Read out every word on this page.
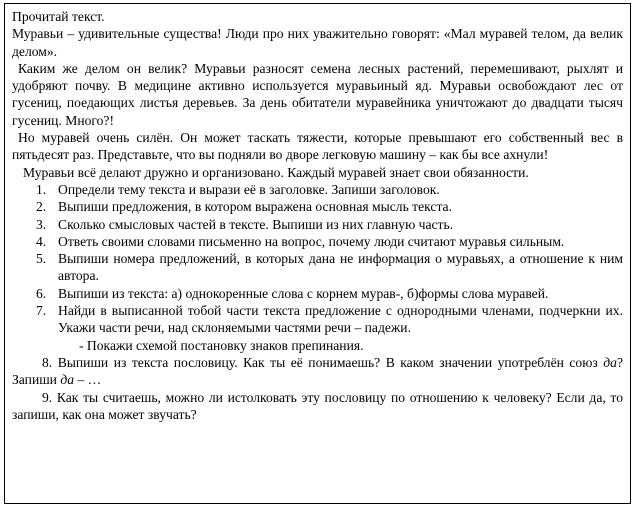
Прочитай текст.

Муравьи – удивительные существа! Люди про них уважительно говорят: «Мал муравей телом, да велик делом».

Каким же делом он велик? Муравьи разносят семена лесных растений, перемешивают, рыхлят и удобряют почву. В медицине активно используется муравьиный яд. Муравьи освобождают лес от гусениц, поедающих листья деревьев. За день обитатели муравейника уничтожают до двадцати тысяч гусениц. Много?!

Но муравей очень силён. Он может таскать тяжести, которые превышают его собственный вес в пятьдесят раз. Представьте, что вы подняли во дворе легковую машину – как бы все ахнули!

Муравьи всё делают дружно и организовано. Каждый муравей знает свои обязанности.

1. Определи тему текста и вырази её в заголовке. Запиши заголовок.
2. Выпиши предложения, в котором выражена основная мысль текста.
3. Сколько смысловых частей в тексте. Выпиши из них главную часть.
4. Ответь своими словами письменно на вопрос, почему люди считают муравья сильным.
5. Выпиши номера предложений, в которых дана не информация о муравьях, а отношение к ним автора.
6. Выпиши из текста: а) однокоренные слова с корнем мурав-, б)формы слова муравей.
7. Найди в выписанной тобой части текста предложение с однородными членами, подчеркни их. Укажи части речи, над склоняемыми частями речи – падежи.

- Покажи схемой постановку знаков препинания.

8. Выпиши из текста пословицу. Как ты её понимаешь? В каком значении употреблён союз да? Запиши да – …

9. Как ты считаешь, можно ли истолковать эту пословицу по отношению к человеку? Если да, то запиши, как она может звучать?
